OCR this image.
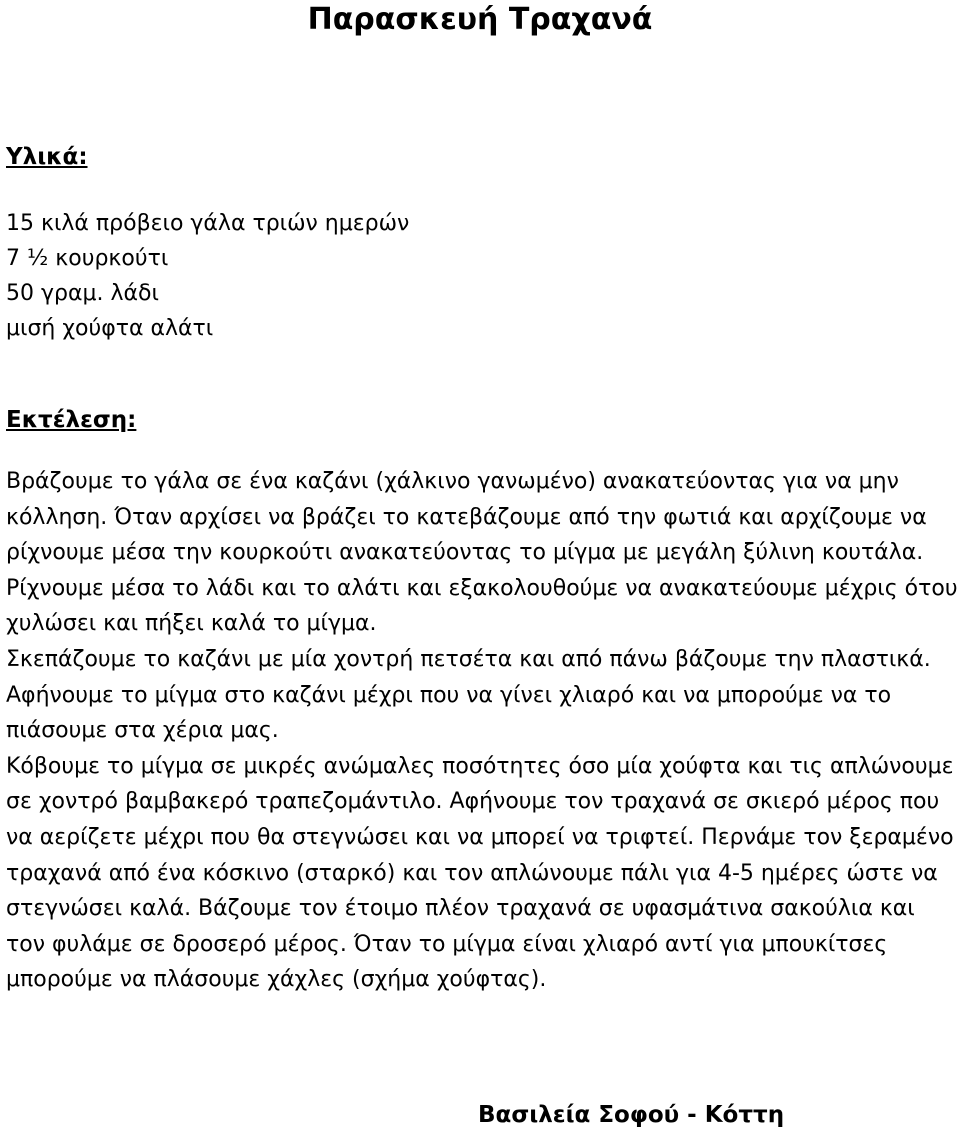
Παρασκευή Τραχανά
Υλικά:
15 κιλά πρόβειο γάλα τριών ημερών
7 ½ κουρκούτι
50 γραμ. λάδι
μισή χούφτα αλάτι
Εκτέλεση:

Βράζουμε το γάλα σε ένα καζάνι (χάλκινο γανωμένο) ανακατεύοντας για να μην κόλληση. Όταν αρχίσει να βράζει το κατεβάζουμε από την φωτιά και αρχίζουμε να ρίχνουμε μέσα την κουρκούτι ανακατεύοντας το μίγμα με μεγάλη ξύλινη κουτάλα. Ρίχνουμε μέσα το λάδι και το αλάτι και εξακολουθούμε να ανακατεύουμε μέχρις ότου χυλώσει και πήξει καλά το μίγμα.

Σκεπάζουμε το καζάνι με μία χοντρή πετσέτα και από πάνω βάζουμε την πλαστικά.

Αφήνουμε το μίγμα στο καζάνι μέχρι που να γίνει χλιαρό και να μπορούμε να το πιάσουμε στα χέρια μας.

Κόβουμε το μίγμα σε μικρές ανώμαλες ποσότητες όσο μία χούφτα και τις απλώνουμε σε χοντρό βαμβακερό τραπεζομάντιλο. Αφήνουμε τον τραχανά σε σκιερό μέρος που να αερίζετε μέχρι που θα στεγνώσει και να μπορεί να τριφτεί. Περνάμε τον ξεραμένο τραχανά από ένα κόσκινο (σταρκό) και τον απλώνουμε πάλι για 4-5 ημέρες ώστε να στεγνώσει καλά. Βάζουμε τον έτοιμο πλέον τραχανά σε υφασμάτινα σακούλια και τον φυλάμε σε δροσερό μέρος. Όταν το μίγμα είναι χλιαρό αντί για μπουκίτσες μπορούμε να πλάσουμε χάχλες (σχήμα χούφτας).

Βασιλεία Σοφού - Κόττη
